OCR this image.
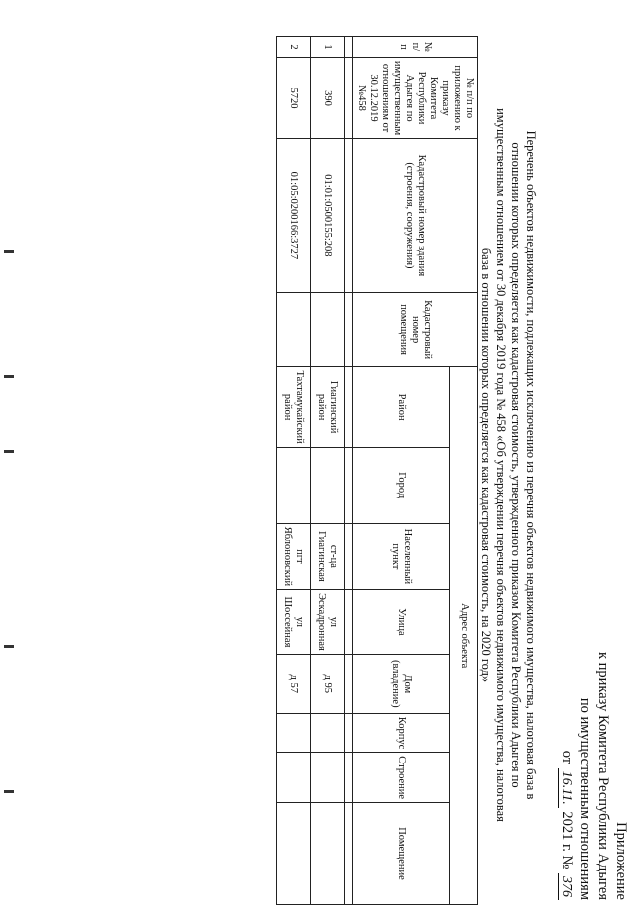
Приложение
к приказу Комитета Республики Адыгея
по имущественным отношениям
от 16.11. 2021 г. № 376
Перечень объектов недвижимости, подлежащих исключению из перечня объектов недвижимого имущества, налоговая база в
отношении которых определяется как кадастровая стоимость, утвержденного приказом Комитета Республики Адыгея по
имущественным отношением от 30 декабря 2019 года № 458 «Об утверждении перечня объектов недвижимого имущества, налоговая
база в отношении которых определяется как кадастровая стоимость, на 2020 год»
№ п/п	№ п/п по приложению к приказу Комитета Республики Адыгея по имущественным отношениям от 30.12.2019 №458	Кадастровый номер здания (строения, сооружения)	Кадастровый номер помещения	Адрес объекта							
				Район	Город	Населенный пункт	Улица	Дом (владение)	Корпус	Строение	Помещение

1	390	01:01:0500155:208		Гиагинский район		ст-ца Гиагинская	ул Эскадронная	д 95			
2	5720	01:05:0200166:3727		Тахтамукайский район		пгт Яблоновский	ул Шоссейная	д 57			
